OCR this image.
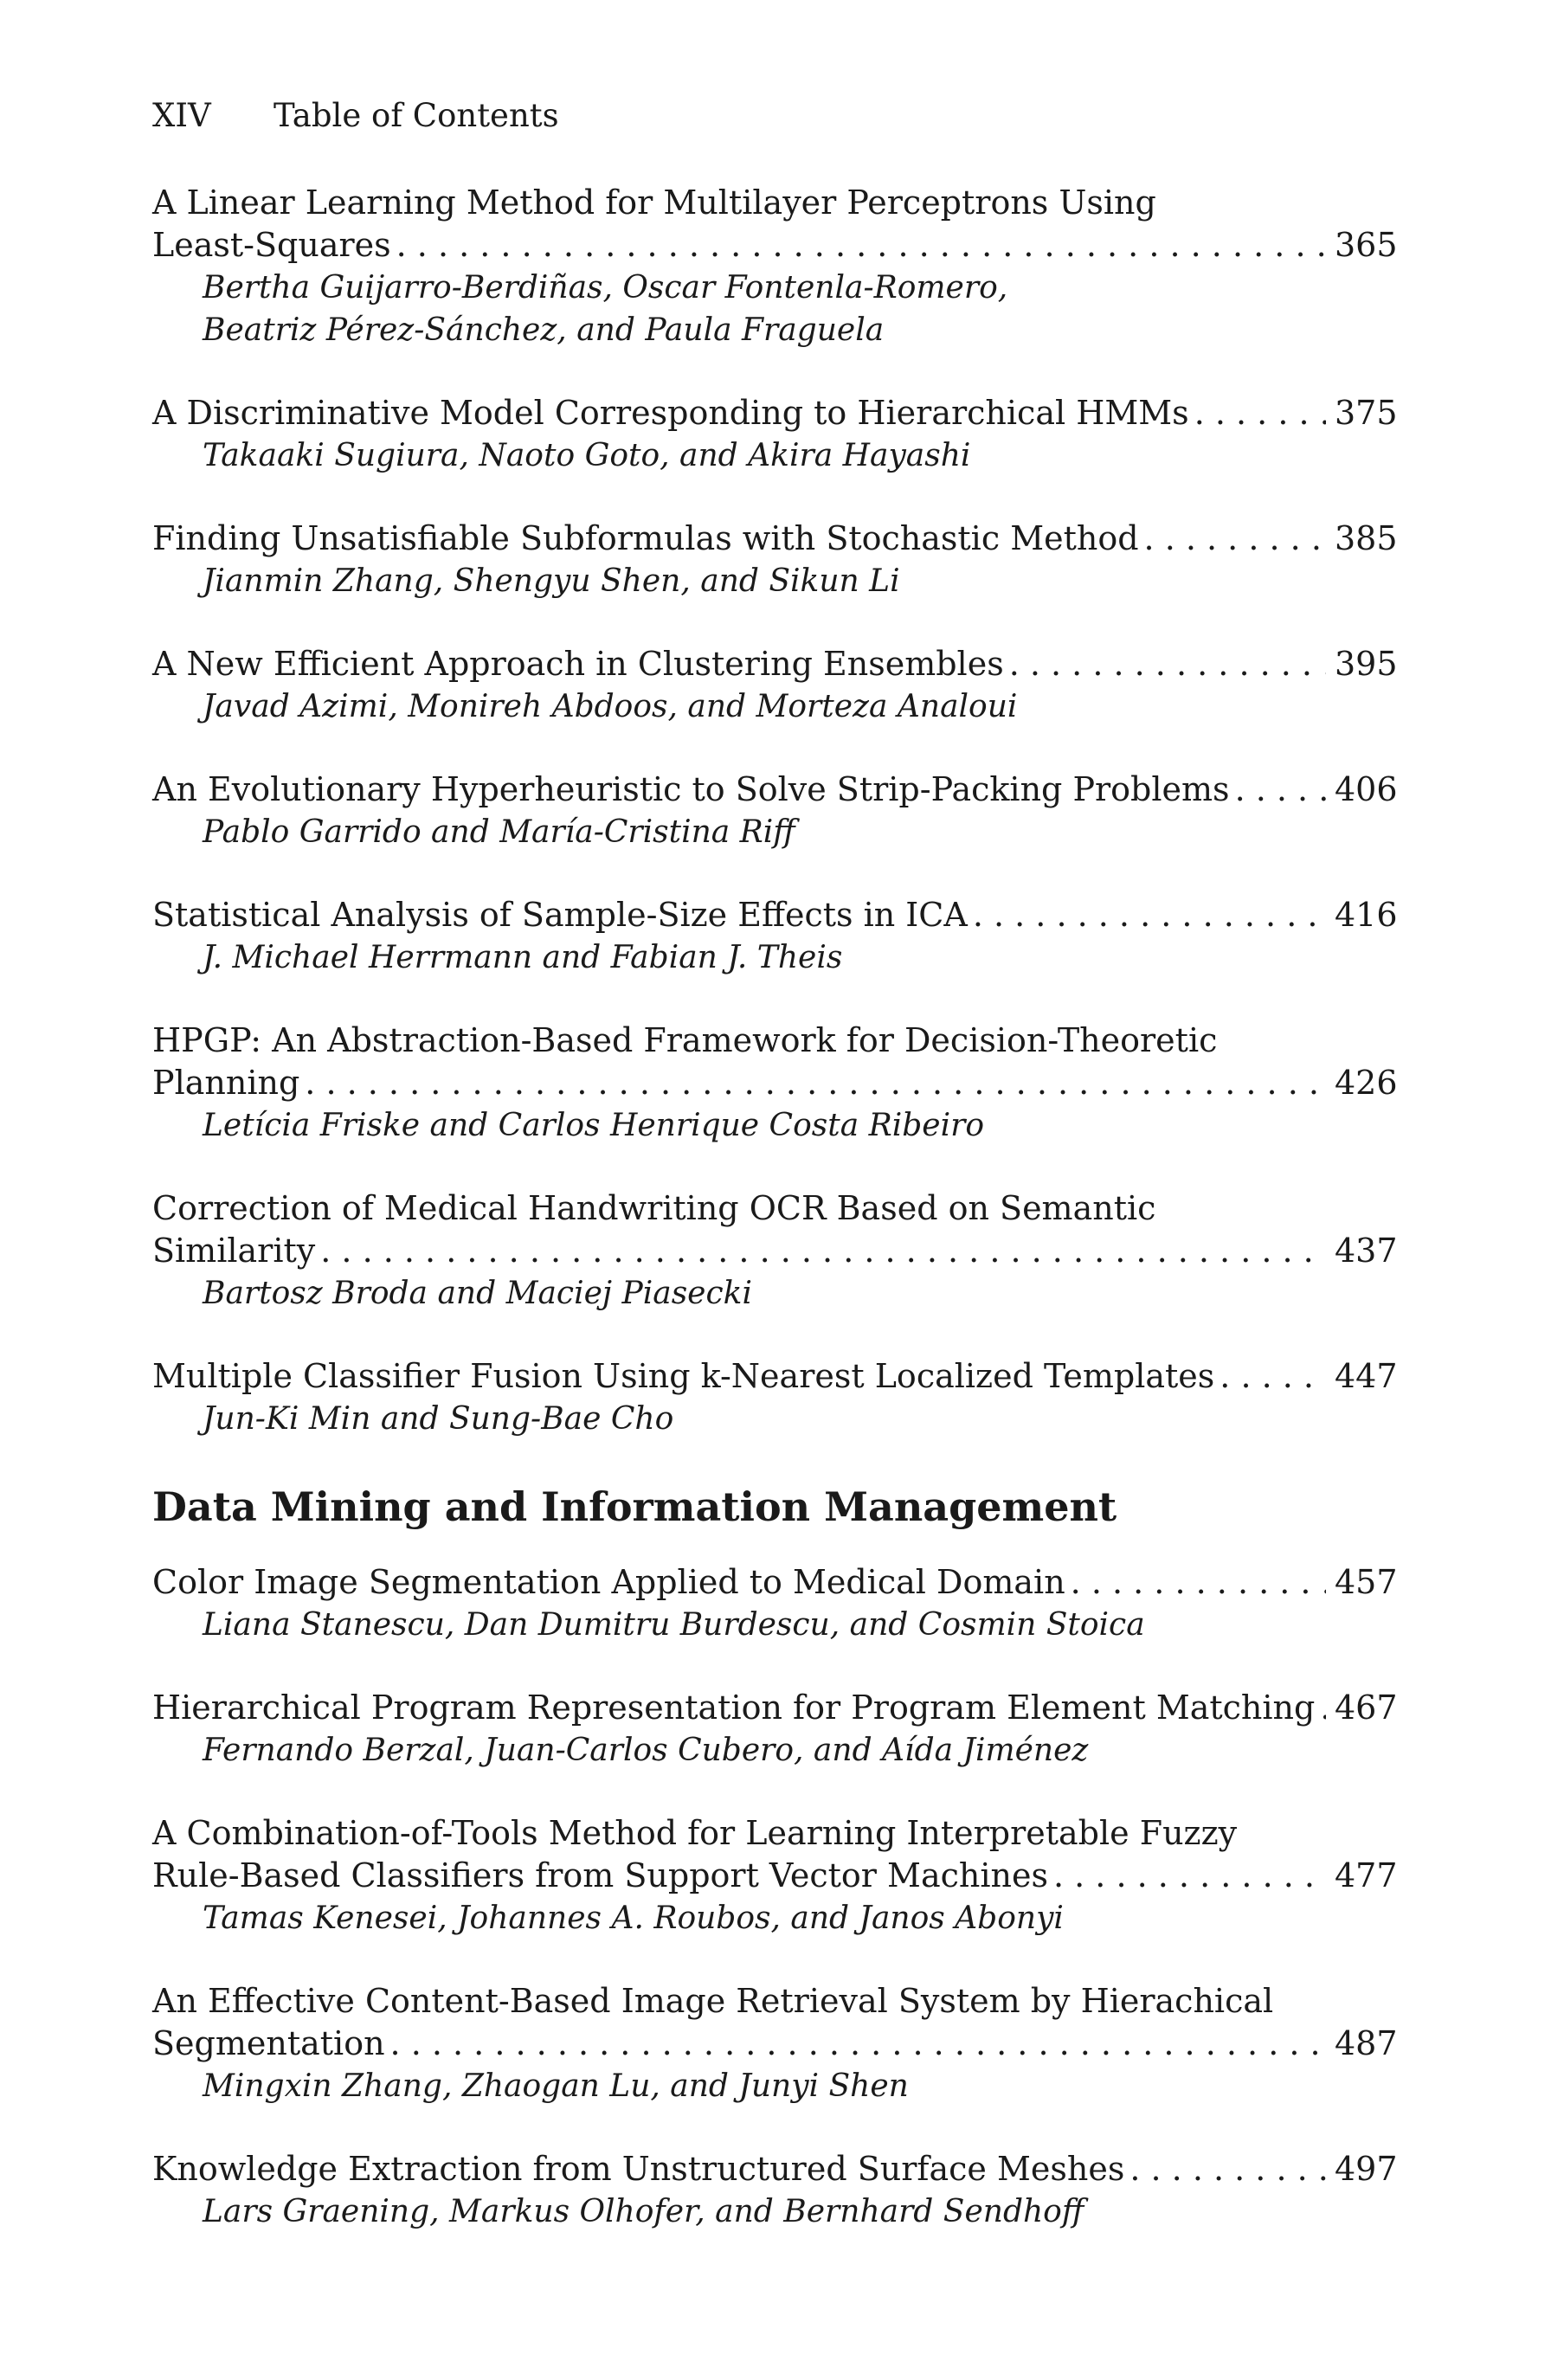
XIV Table of Contents
A Linear Learning Method for Multilayer Perceptrons Using
Least-Squares . . .	365
Bertha Guijarro-Berdiñas, Oscar Fontenla-Romero,
Beatriz Pérez-Sánchez, and Paula Fraguela
A Discriminative Model Corresponding to Hierarchical HMMs . . .	375
Takaaki Sugiura, Naoto Goto, and Akira Hayashi
Finding Unsatisfiable Subformulas with Stochastic Method . . .	385
Jianmin Zhang, Shengyu Shen, and Sikun Li
A New Efficient Approach in Clustering Ensembles . . .	395
Javad Azimi, Monireh Abdoos, and Morteza Analoui
An Evolutionary Hyperheuristic to Solve Strip-Packing Problems . . .	406
Pablo Garrido and María-Cristina Riff
Statistical Analysis of Sample-Size Effects in ICA . . .	416
J. Michael Herrmann and Fabian J. Theis
HPGP: An Abstraction-Based Framework for Decision-Theoretic
Planning . . .	426
Letícia Friske and Carlos Henrique Costa Ribeiro
Correction of Medical Handwriting OCR Based on Semantic
Similarity . . .	437
Bartosz Broda and Maciej Piasecki
Multiple Classifier Fusion Using k-Nearest Localized Templates . . .	447
Jun-Ki Min and Sung-Bae Cho
Data Mining and Information Management
Color Image Segmentation Applied to Medical Domain . . .	457
Liana Stanescu, Dan Dumitru Burdescu, and Cosmin Stoica
Hierarchical Program Representation for Program Element Matching . . . 467
Fernando Berzal, Juan-Carlos Cubero, and Aída Jiménez
A Combination-of-Tools Method for Learning Interpretable Fuzzy
Rule-Based Classifiers from Support Vector Machines . . .	477
Tamas Kenesei, Johannes A. Roubos, and Janos Abonyi
An Effective Content-Based Image Retrieval System by Hierachical
Segmentation . . .	487
Mingxin Zhang, Zhaogan Lu, and Junyi Shen
Knowledge Extraction from Unstructured Surface Meshes . . .	497
Lars Graening, Markus Olhofer, and Bernhard Sendhoff
